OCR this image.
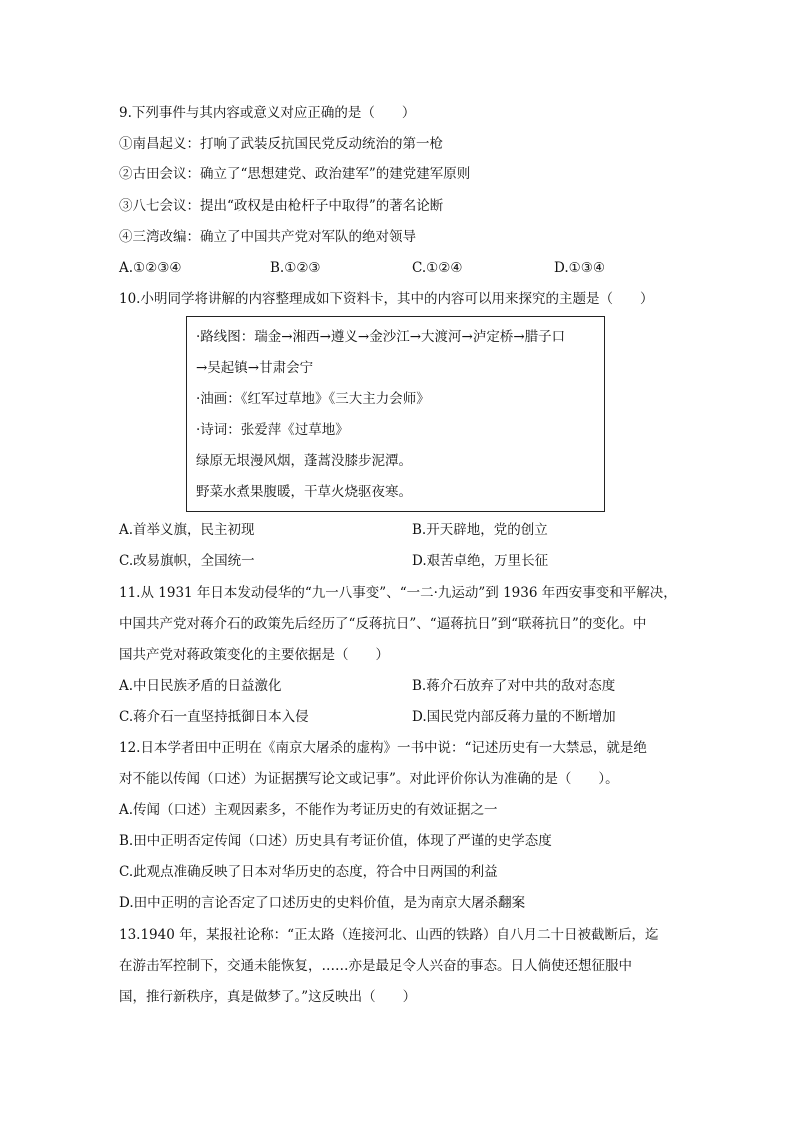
9.下列事件与其内容或意义对应正确的是（　　）
①南昌起义：打响了武装反抗国民党反动统治的第一枪
②古田会议：确立了“思想建党、政治建军”的建党建军原则
③八七会议：提出“政权是由枪杆子中取得”的著名论断
④三湾改编：确立了中国共产党对军队的绝对领导
A.①②③④	B.①②③	C.①②④	D.①③④
10.小明同学将讲解的内容整理成如下资料卡，其中的内容可以用来探究的主题是（　　）
·路线图：瑞金→湘西→遵义→金沙江→大渡河→泸定桥→腊子口
→吴起镇→甘肃会宁
·油画：《红军过草地》《三大主力会师》
·诗词：张爱萍《过草地》
绿原无垠漫风烟，蓬蒿没膝步泥潭。
野菜水煮果腹暖，干草火烧驱夜寒。
A.首举义旗，民主初现	B.开天辟地，党的创立
C.改易旗帜，全国统一	D.艰苦卓绝，万里长征
11.从 1931 年日本发动侵华的“九一八事变”、“一二·九运动”到 1936 年西安事变和平解决，
中国共产党对蒋介石的政策先后经历了“反蒋抗日”、“逼蒋抗日”到“联蒋抗日”的变化。中
国共产党对蒋政策变化的主要依据是（　　）
A.中日民族矛盾的日益激化	B.蒋介石放弃了对中共的敌对态度
C.蒋介石一直坚持抵御日本入侵	D.国民党内部反蒋力量的不断增加
12.日本学者田中正明在《南京大屠杀的虚构》一书中说：“记述历史有一大禁忌，就是绝
对不能以传闻（口述）为证据撰写论文或记事”。对此评价你认为准确的是（　　）。
A.传闻（口述）主观因素多，不能作为考证历史的有效证据之一
B.田中正明否定传闻（口述）历史具有考证价值，体现了严谨的史学态度
C.此观点准确反映了日本对华历史的态度，符合中日两国的利益
D.田中正明的言论否定了口述历史的史料价值，是为南京大屠杀翻案
13.1940 年，某报社论称：“正太路（连接河北、山西的铁路）自八月二十日被截断后，迄
在游击军控制下，交通未能恢复，……亦是最足令人兴奋的事态。日人倘使还想征服中
国，推行新秩序，真是做梦了。”这反映出（　　）
